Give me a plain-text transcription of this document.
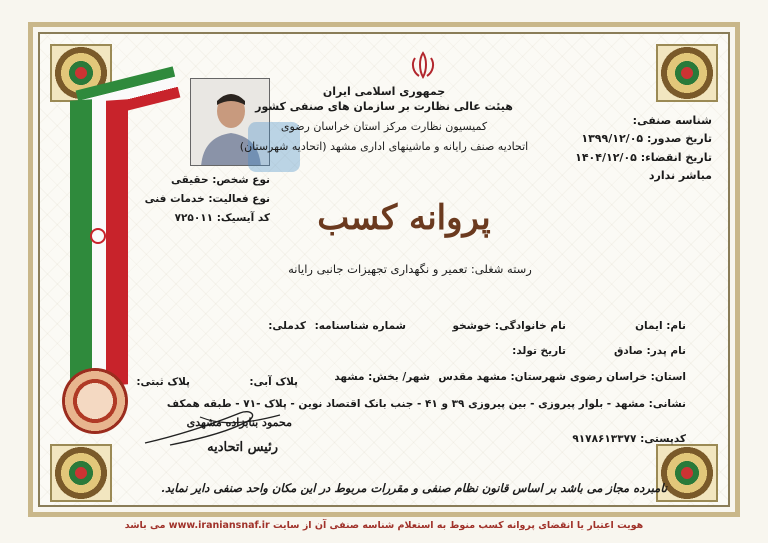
جمهوری اسلامی ایران
هیئت عالی نظارت بر سازمان های صنفی کشور
کمیسیون نظارت مرکز استان خراسان رضوی
اتحادیه صنف رایانه و ماشینهای اداری مشهد (اتحادیه شهرستان)
شناسه صنفی:
تاریخ صدور: ۱۳۹۹/۱۲/۰۵
تاریخ انقضاء: ۱۴۰۴/۱۲/۰۵
مباشر ندارد
نوع شخص: حقیقی
نوع فعالیت: خدمات فنی
کد آیسیک: ۷۲۵۰۱۱ پروانه کسب
رسته شغلی: تعمیر و نگهداری تجهیزات جانبی رایانه
نام: ایمان
نام خانوادگی: خوشخو
شماره شناسنامه:
کدملی:
نام پدر: صادق
تاریخ تولد:
استان: خراسان رضوی
شهرستان: مشهد مقدس
شهر/ بخش: مشهد
پلاک آبی:
پلاک ثبتی:
نشانی: مشهد - بلوار پیروزی - بین پیروزی ۳۹ و ۴۱ - جنب بانک اقتصاد نوین - پلاک -۷۱ - طبقه همکف
کدپستی: ۹۱۷۸۶۱۳۳۷۷
محمود بنابزاده مشهدی
رئیس اتحادیه
نامبرده مجاز می باشد بر اساس قانون نظام صنفی و مقررات مربوط در این مکان واحد صنفی دایر نماید.
هویت اعتبار یا انقضای پروانه کسب منوط به استعلام شناسه صنفی آن از سایت www.iraniansnaf.ir می باشد
